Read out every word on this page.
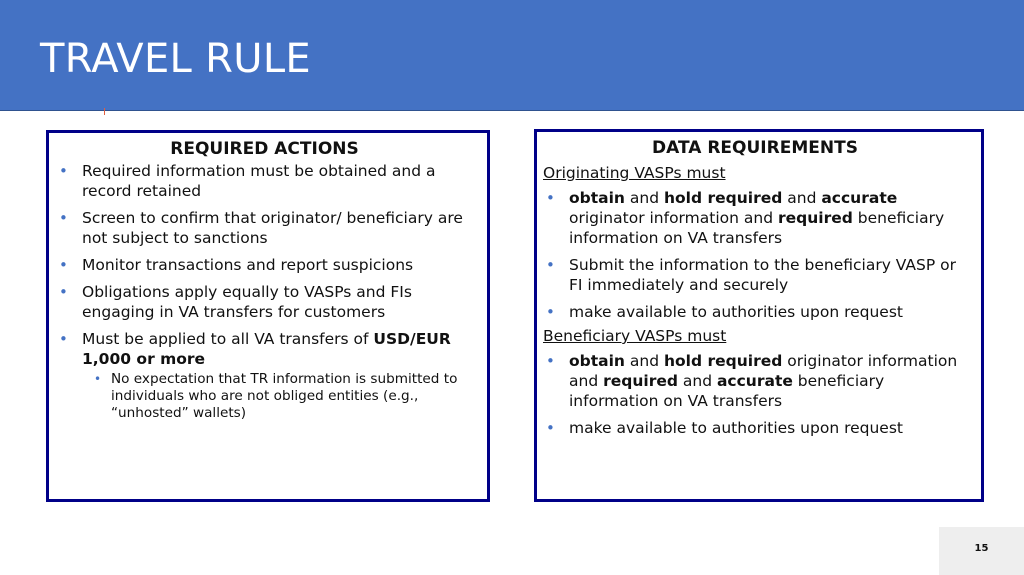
TRAVEL RULE
REQUIRED ACTIONS
• Required information must be obtained and a record retained
• Screen to confirm that originator/ beneficiary are not subject to sanctions
• Monitor transactions and report suspicions
• Obligations apply equally to VASPs and FIs engaging in VA transfers for customers
• Must be applied to all VA transfers of USD/EUR 1,000 or more
• No expectation that TR information is submitted to individuals who are not obliged entities (e.g., “unhosted” wallets)
DATA REQUIREMENTS
Originating VASPs must
• obtain and hold required and accurate originator information and required beneficiary information on VA transfers
• Submit the information to the beneficiary VASP or FI immediately and securely
• make available to authorities upon request
Beneficiary VASPs must
• obtain and hold required originator information and required and accurate beneficiary information on VA transfers
• make available to authorities upon request
15
